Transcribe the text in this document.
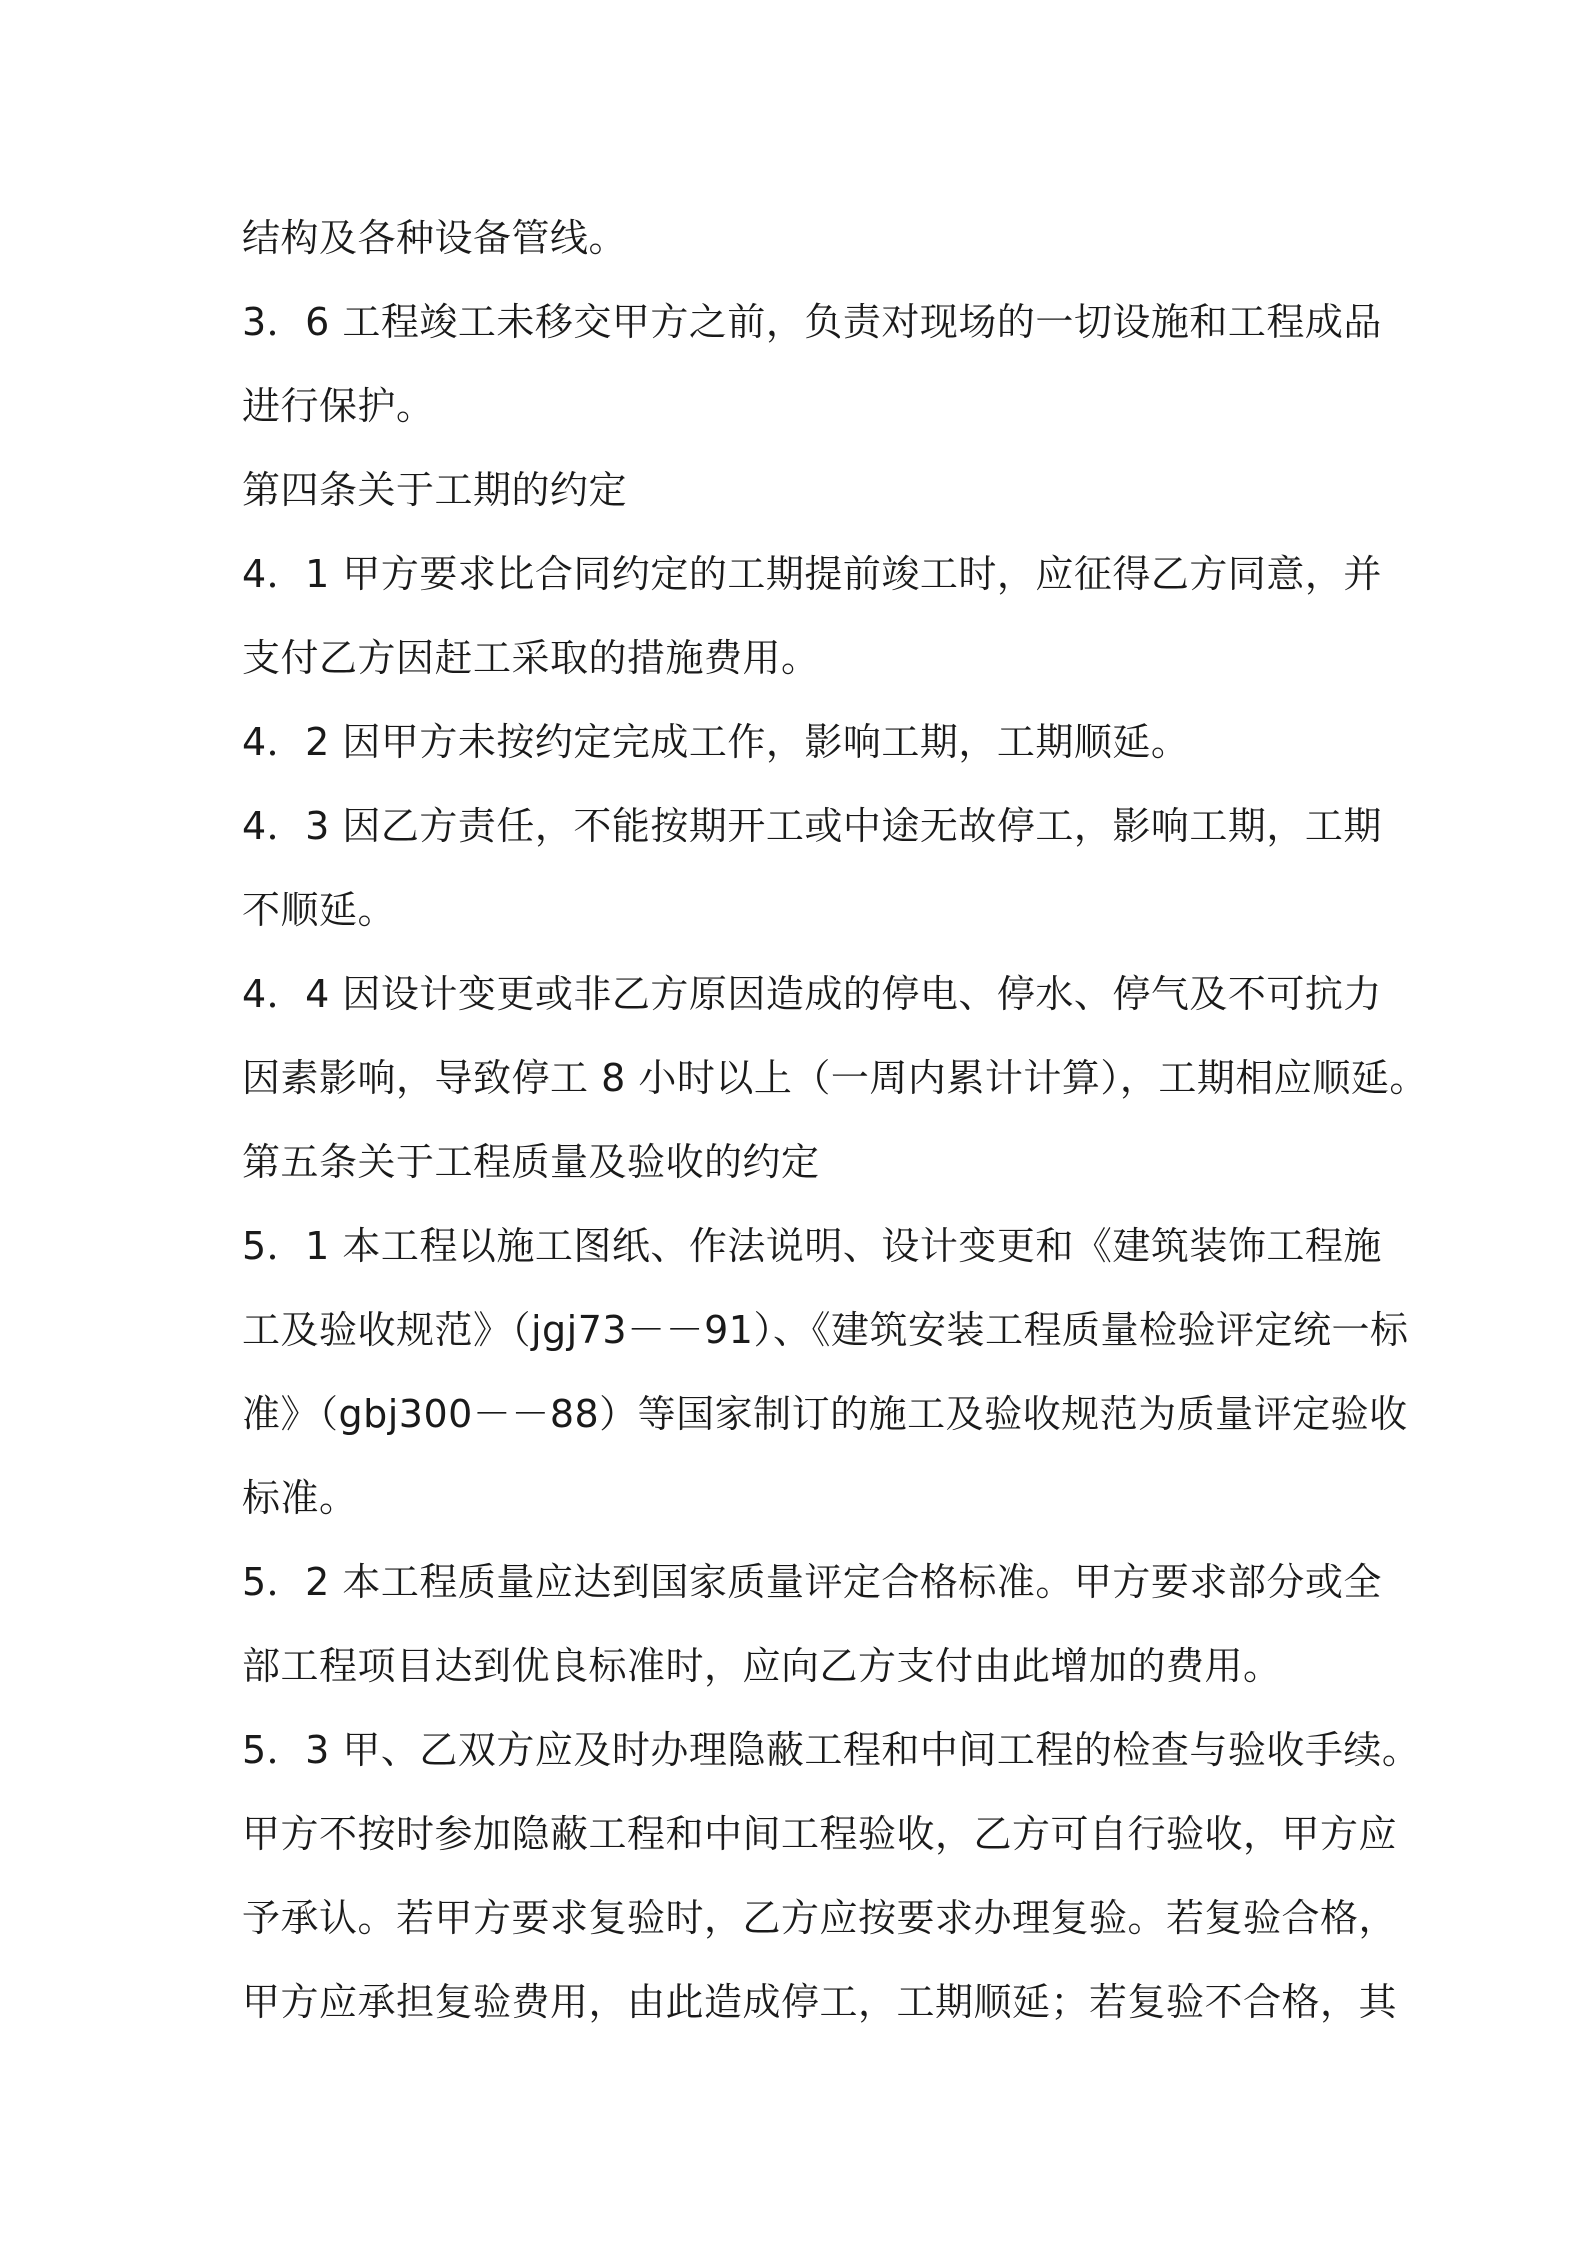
结构及各种设备管线。
3．6 工程竣工未移交甲方之前，负责对现场的一切设施和工程成品
进行保护。
第四条关于工期的约定
4．1 甲方要求比合同约定的工期提前竣工时，应征得乙方同意，并
支付乙方因赶工采取的措施费用。
4．2 因甲方未按约定完成工作，影响工期，工期顺延。
4．3 因乙方责任，不能按期开工或中途无故停工，影响工期，工期
不顺延。
4．4 因设计变更或非乙方原因造成的停电、停水、停气及不可抗力
因素影响，导致停工 8 小时以上（一周内累计计算），工期相应顺延。
第五条关于工程质量及验收的约定
5．1 本工程以施工图纸、作法说明、设计变更和《建筑装饰工程施
工及验收规范》（jgj73－－91）、《建筑安装工程质量检验评定统一标
准》（gbj300－－88）等国家制订的施工及验收规范为质量评定验收
标准。
5．2 本工程质量应达到国家质量评定合格标准。甲方要求部分或全
部工程项目达到优良标准时，应向乙方支付由此增加的费用。
5．3 甲、乙双方应及时办理隐蔽工程和中间工程的检查与验收手续。
甲方不按时参加隐蔽工程和中间工程验收，乙方可自行验收，甲方应
予承认。若甲方要求复验时，乙方应按要求办理复验。若复验合格，
甲方应承担复验费用，由此造成停工，工期顺延；若复验不合格，其
